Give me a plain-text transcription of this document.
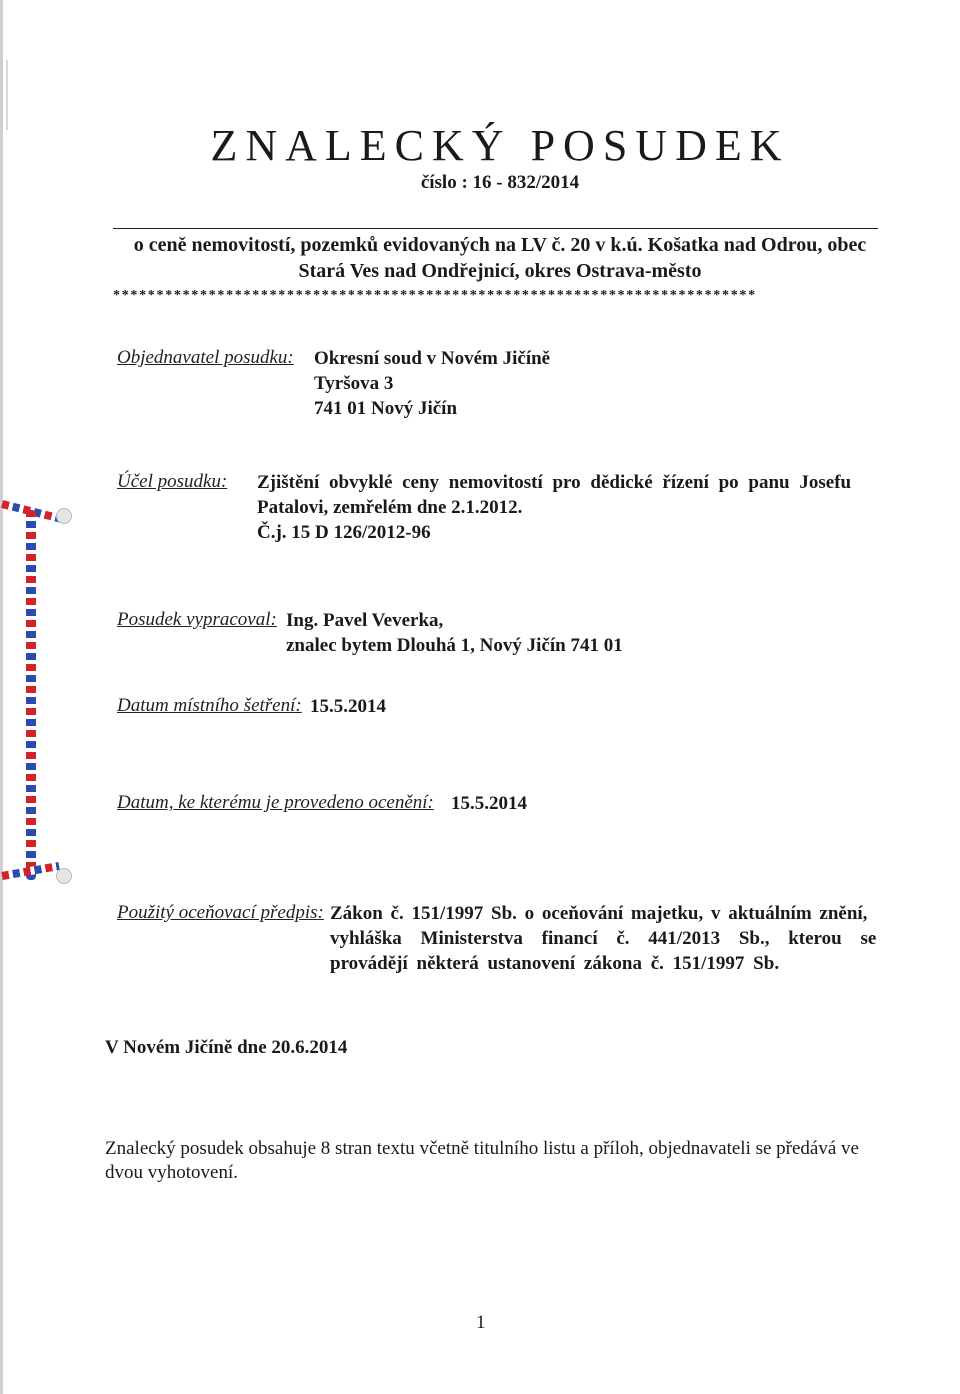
ZNALECKÝ POSUDEK
číslo : 16 - 832/2014
o ceně nemovitostí, pozemků evidovaných na LV č. 20 v k.ú. Košatka nad Odrou, obec
Stará Ves nad Ondřejnicí, okres Ostrava-město
**************************************************************************
Objednavatel posudku: Okresní soud v Novém Jičíně
Tyršova 3
741 01 Nový Jičín
Účel posudku: Zjištění obvyklé ceny nemovitostí pro dědické řízení po panu Josefu
Patalovi, zemřelém dne 2.1.2012.
Č.j. 15 D 126/2012-96
Posudek vypracoval: Ing. Pavel Veverka,
znalec bytem Dlouhá 1, Nový Jičín 741 01
Datum místního šetření: 15.5.2014
Datum, ke kterému je provedeno ocenění: 15.5.2014
Použitý oceňovací předpis: Zákon č. 151/1997 Sb. o oceňování majetku, v aktuálním znění,
vyhláška Ministerstva financí č. 441/2013 Sb., kterou se
provádějí některá ustanovení zákona č. 151/1997 Sb.
V Novém Jičíně dne 20.6.2014
Znalecký posudek obsahuje 8 stran textu včetně titulního listu a příloh, objednavateli se předává ve dvou vyhotovení.
1
